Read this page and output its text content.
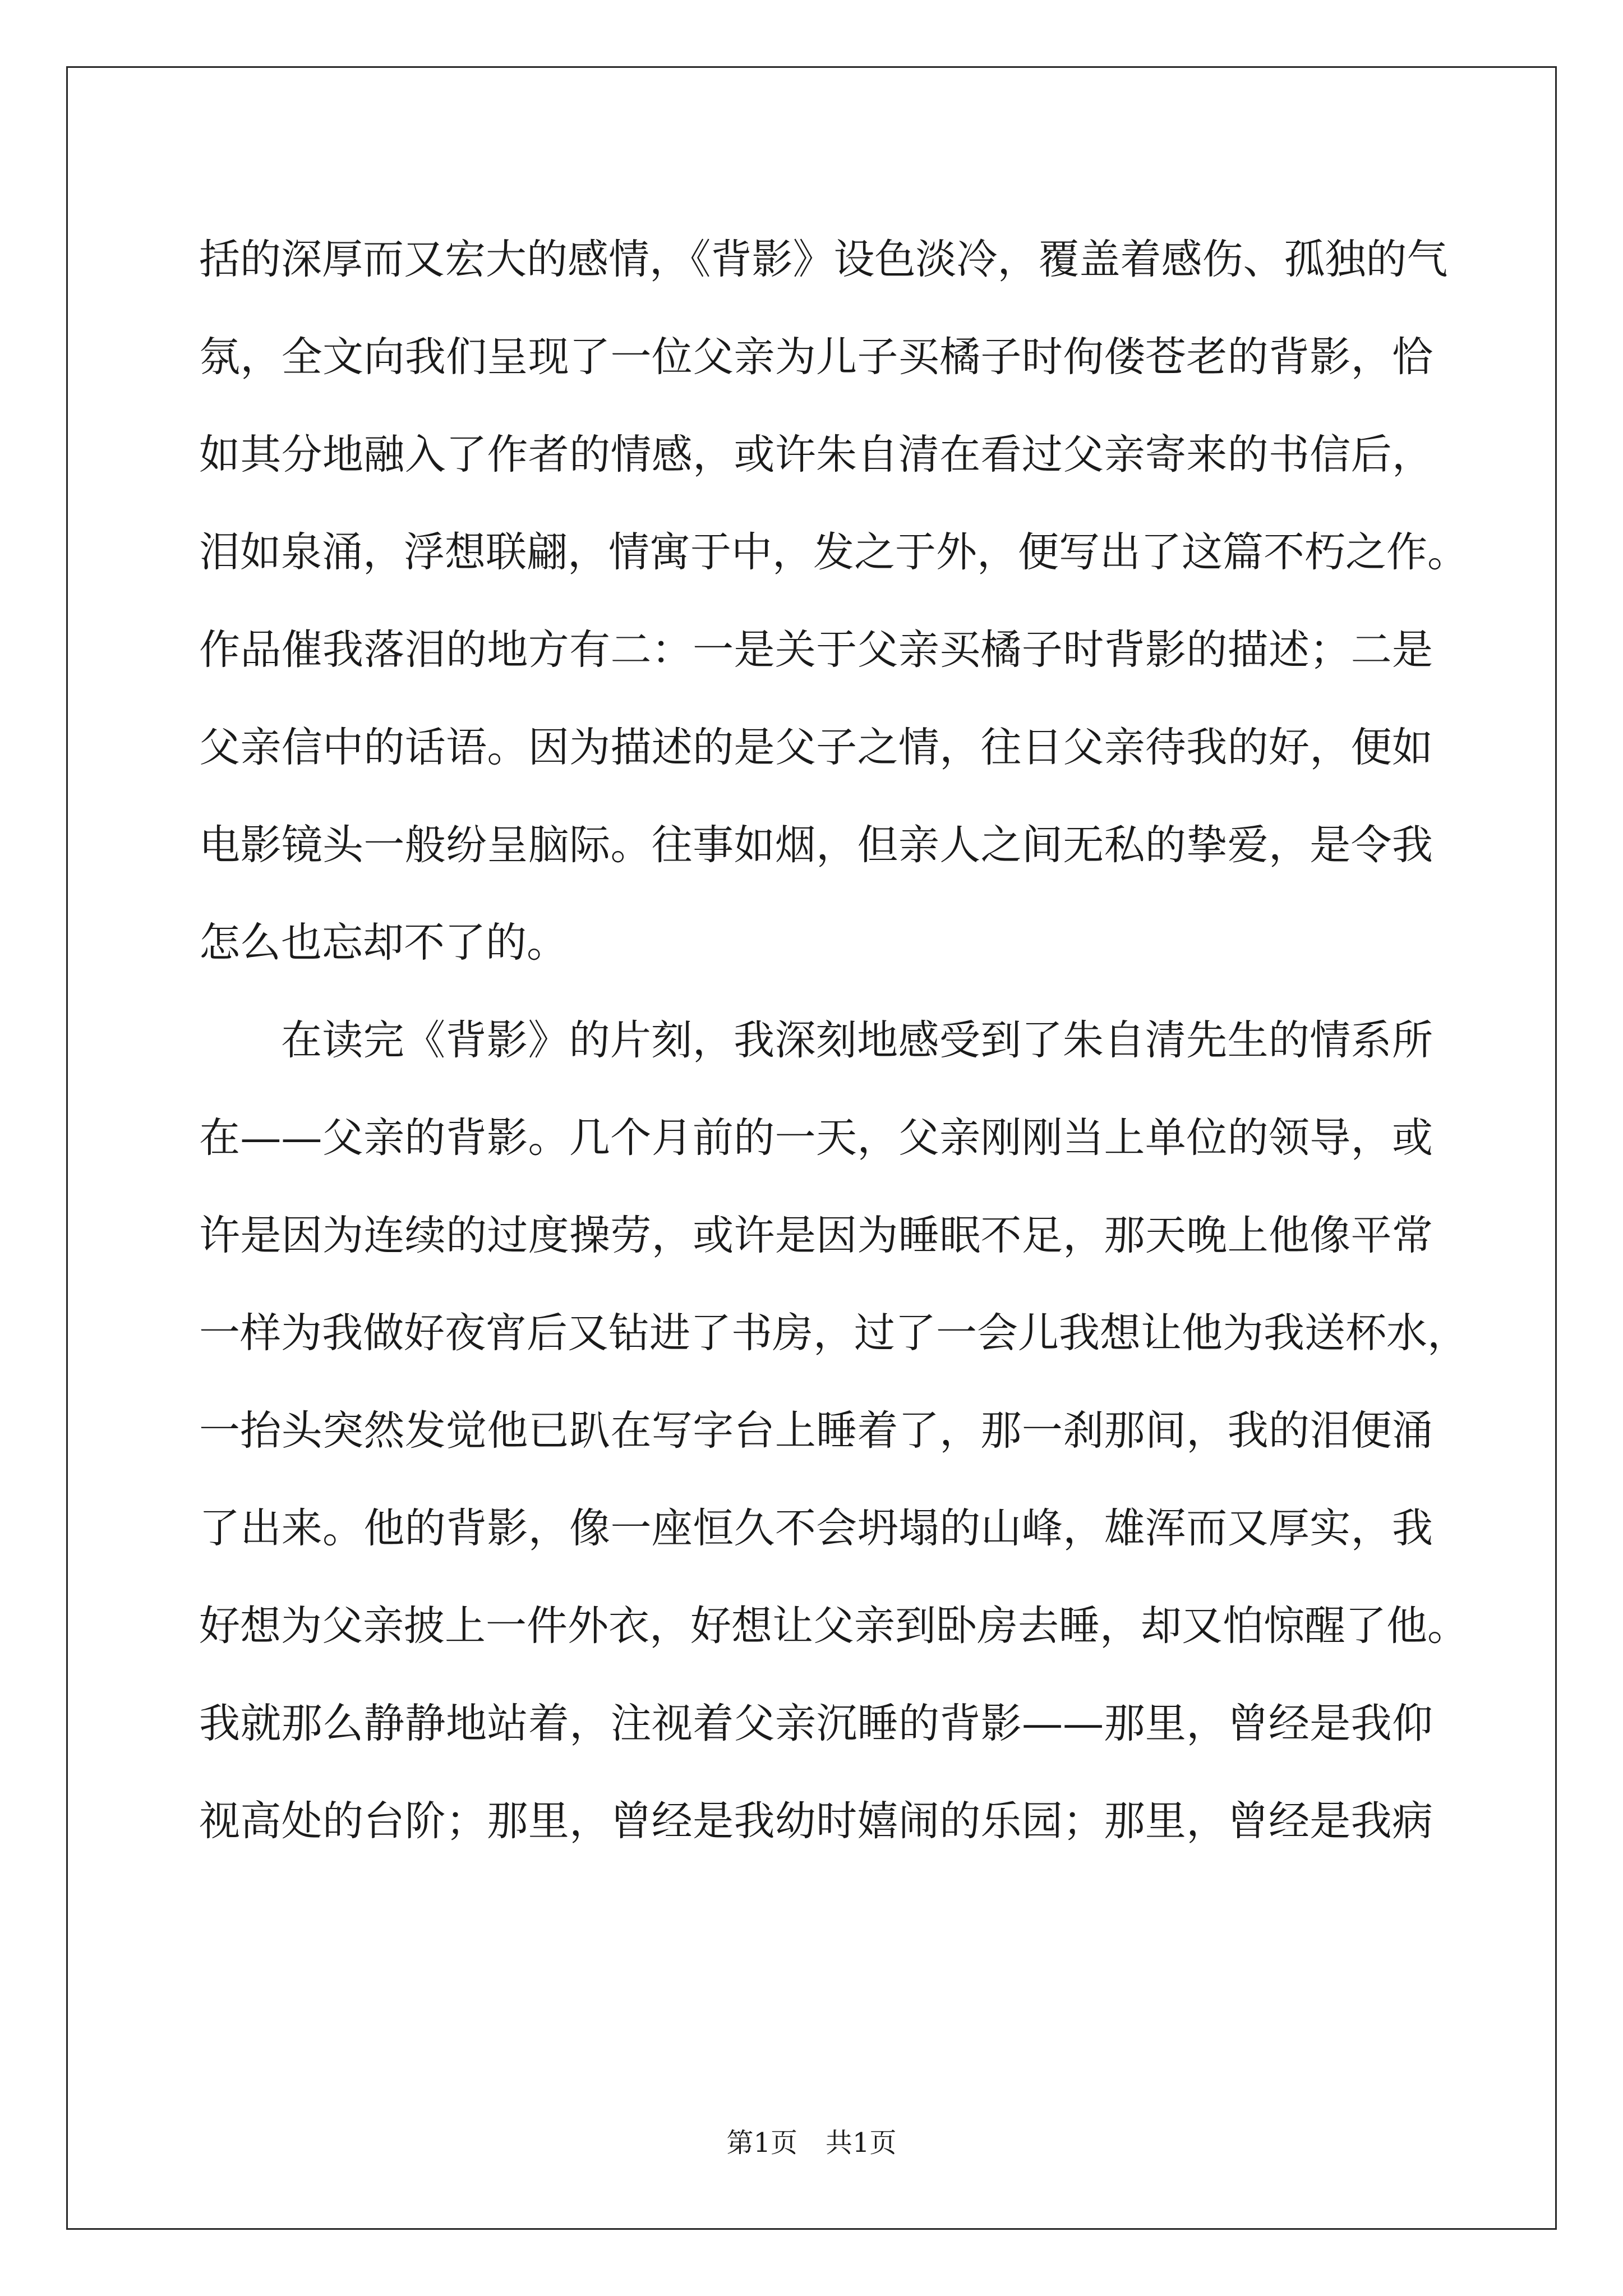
括的深厚而又宏大的感情，《背影》设色淡冷，覆盖着感伤、孤独的气
氛，全文向我们呈现了一位父亲为儿子买橘子时佝偻苍老的背影，恰
如其分地融入了作者的情感，或许朱自清在看过父亲寄来的书信后，
泪如泉涌，浮想联翩，情寓于中，发之于外，便写出了这篇不朽之作。
作品催我落泪的地方有二：一是关于父亲买橘子时背影的描述；二是
父亲信中的话语。因为描述的是父子之情，往日父亲待我的好，便如
电影镜头一般纷呈脑际。往事如烟，但亲人之间无私的挚爱，是令我
怎么也忘却不了的。
在读完《背影》的片刻，我深刻地感受到了朱自清先生的情系所
在——父亲的背影。几个月前的一天，父亲刚刚当上单位的领导，或
许是因为连续的过度操劳，或许是因为睡眠不足，那天晚上他像平常
一样为我做好夜宵后又钻进了书房，过了一会儿我想让他为我送杯水，
一抬头突然发觉他已趴在写字台上睡着了，那一刹那间，我的泪便涌
了出来。他的背影，像一座恒久不会坍塌的山峰，雄浑而又厚实，我
好想为父亲披上一件外衣，好想让父亲到卧房去睡，却又怕惊醒了他。
我就那么静静地站着，注视着父亲沉睡的背影——那里，曾经是我仰
视高处的台阶；那里，曾经是我幼时嬉闹的乐园；那里，曾经是我病
第1页 共1页
